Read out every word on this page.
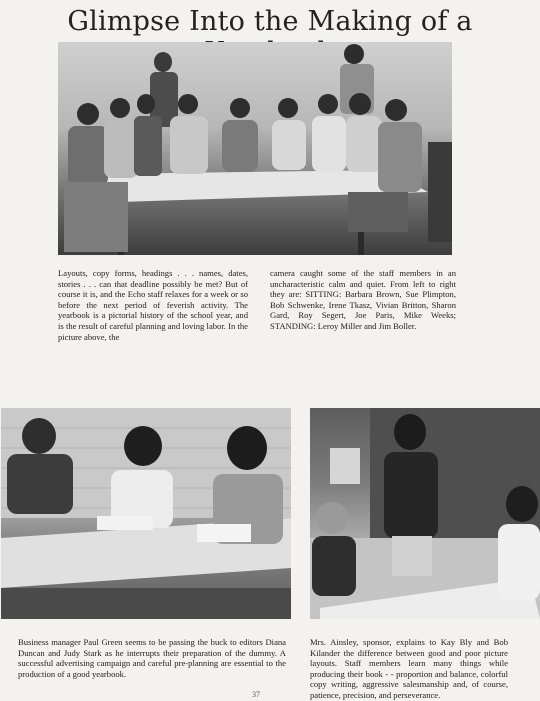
Glimpse Into the Making of a
Layouts, copy forms, headings . . . names, dates, stories . . . can that deadline possibly be met? But of course it is, and the Echo staff relaxes for a week or so before the next period of feverish activity. The yearbook is a pictorial history of the school year, and is the result of careful planning and loving labor. In the picture above, the
camera caught some of the staff members in an uncharacteristic calm and quiet. From left to right they are: SITTING: Barbara Brown, Sue Plimpton, Bob Schwenke, Irene Tkasz, Vivian Britton, Sharon Gard, Roy Segert, Joe Paris, Mike Weeks; STANDING: Leroy Miller and Jim Boller.
Business manager Paul Green seems to be passing the buck to editors Diana Duncan and Judy Stark as he interrupts their preparation of the dummy. A successful advertising campaign and careful pre-planning are essential to the production of a good yearbook.
Mrs. Ainsley, sponsor, explains to Kay Bly and Bob Kilander the difference between good and poor picture layouts. Staff members learn many things while producing their book - - proportion and balance, colorful copy writing, aggressive salesmanship and, of course, patience, precision, and perseverance.
37
